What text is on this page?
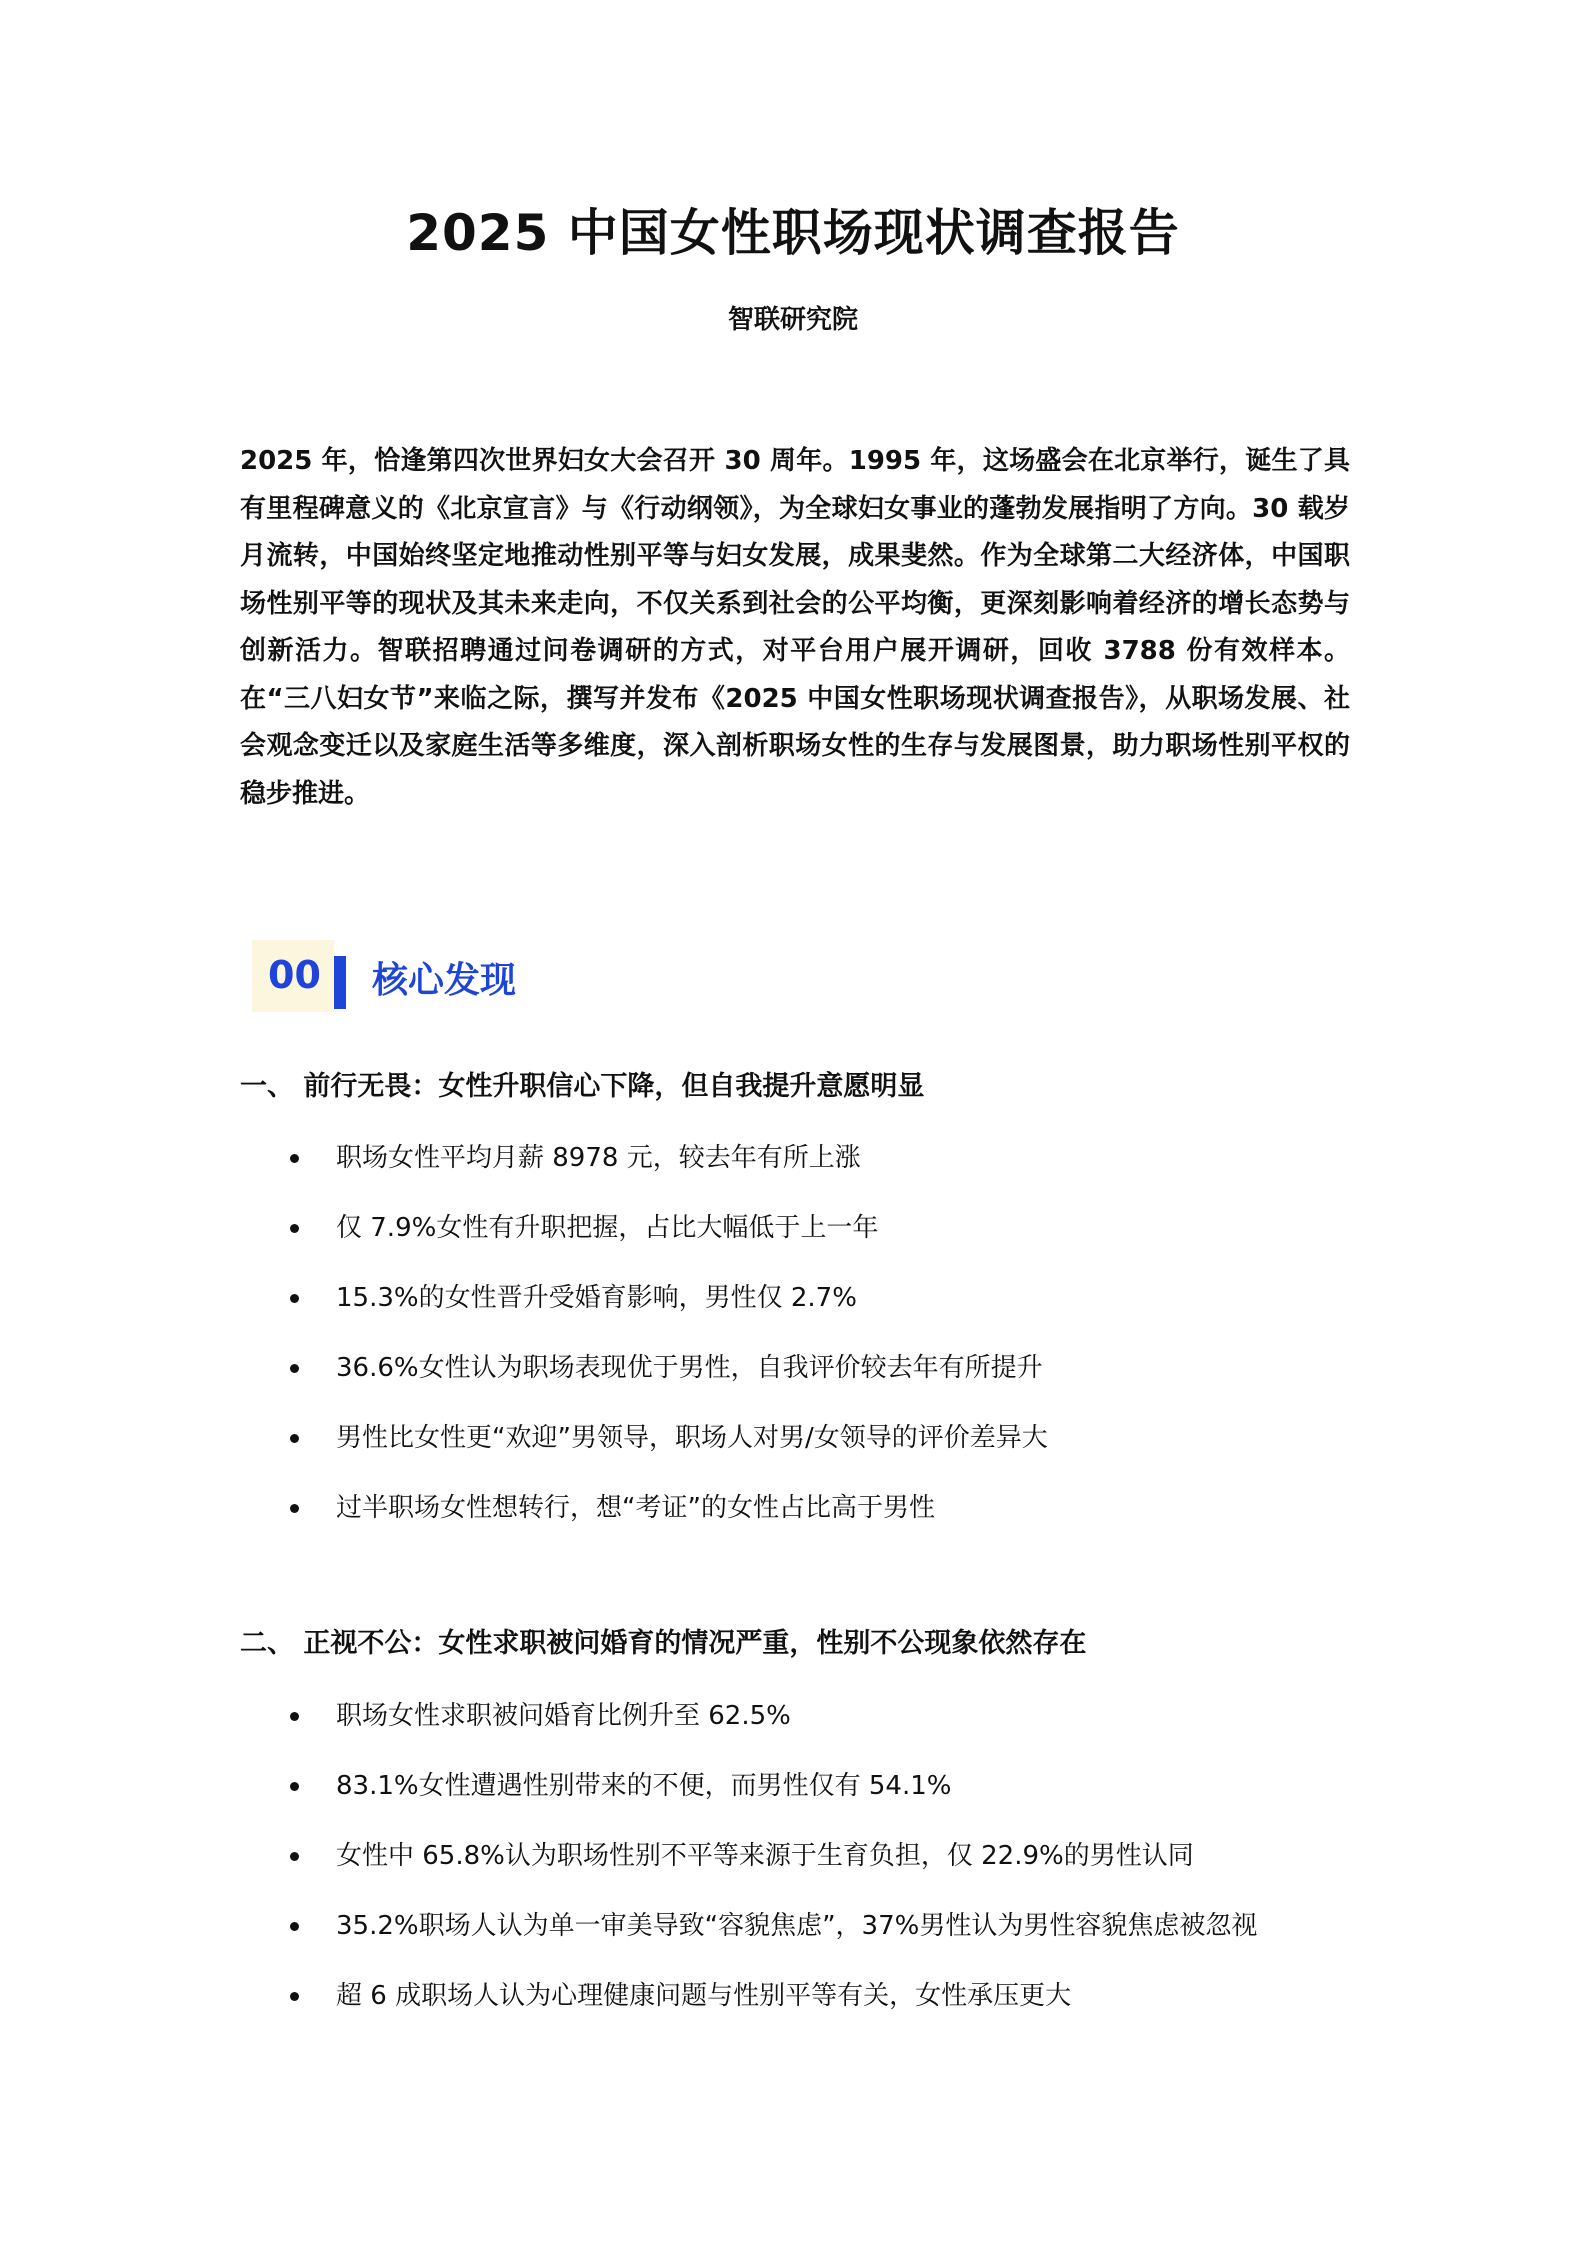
2025 中国女性职场现状调查报告
智联研究院

2025 年，恰逢第四次世界妇女大会召开 30 周年。1995 年，这场盛会在北京举行，诞生了具有里程碑意义的《北京宣言》与《行动纲领》，为全球妇女事业的蓬勃发展指明了方向。30 载岁月流转，中国始终坚定地推动性别平等与妇女发展，成果斐然。作为全球第二大经济体，中国职场性别平等的现状及其未来走向，不仅关系到社会的公平均衡，更深刻影响着经济的增长态势与创新活力。智联招聘通过问卷调研的方式，对平台用户展开调研，回收 3788 份有效样本。在“三八妇女节”来临之际，撰写并发布《2025 中国女性职场现状调查报告》，从职场发展、社会观念变迁以及家庭生活等多维度，深入剖析职场女性的生存与发展图景，助力职场性别平权的稳步推进。

00 核心发现
一、 前行无畏：女性升职信心下降，但自我提升意愿明显
职场女性平均月薪 8978 元，较去年有所上涨
仅 7.9%女性有升职把握，占比大幅低于上一年
15.3%的女性晋升受婚育影响，男性仅 2.7%
36.6%女性认为职场表现优于男性，自我评价较去年有所提升
男性比女性更“欢迎”男领导，职场人对男/女领导的评价差异大
过半职场女性想转行，想“考证”的女性占比高于男性
二、 正视不公：女性求职被问婚育的情况严重，性别不公现象依然存在
职场女性求职被问婚育比例升至 62.5%
83.1%女性遭遇性别带来的不便，而男性仅有 54.1%
女性中 65.8%认为职场性别不平等来源于生育负担，仅 22.9%的男性认同
35.2%职场人认为单一审美导致“容貌焦虑”，37%男性认为男性容貌焦虑被忽视
超 6 成职场人认为心理健康问题与性别平等有关，女性承压更大
